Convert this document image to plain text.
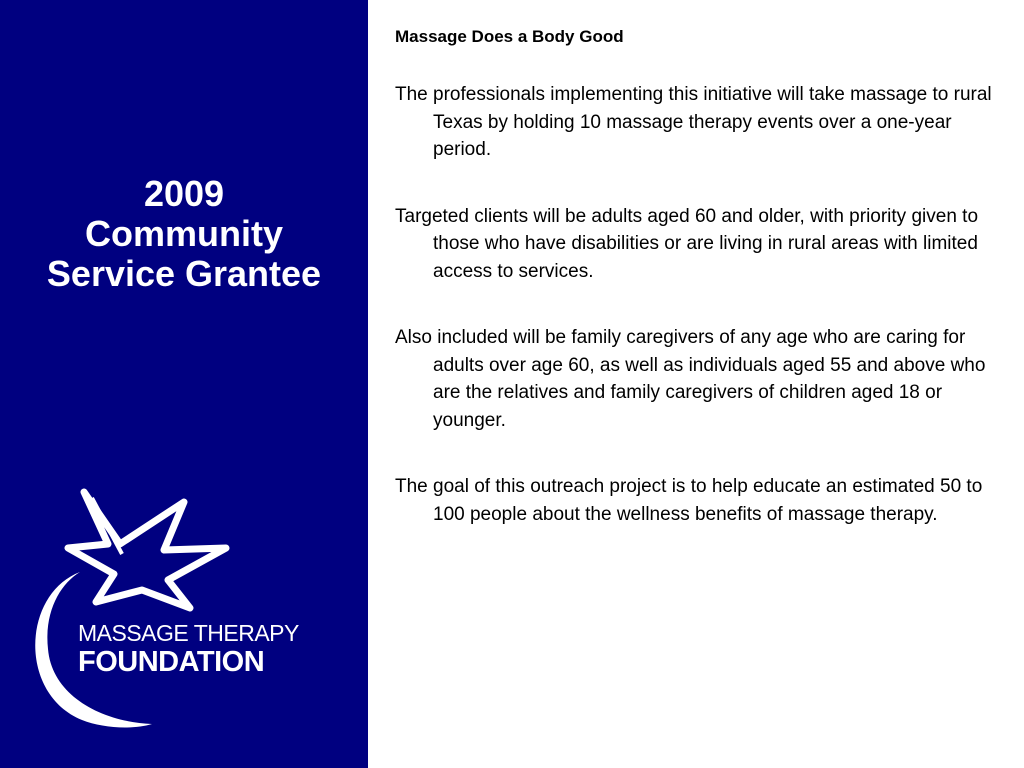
2009
Community
Service Grantee
MASSAGE THERAPY
FOUNDATION
Massage Does a Body Good

The professionals implementing this initiative will take massage to rural Texas by holding 10 massage therapy events over a one-year period.

Targeted clients will be adults aged 60 and older, with priority given to those who have disabilities or are living in rural areas with limited access to services.

Also included will be family caregivers of any age who are caring for adults over age 60, as well as individuals aged 55 and above who are the relatives and family caregivers of children aged 18 or younger.

The goal of this outreach project is to help educate an estimated 50 to 100 people about the wellness benefits of massage therapy.
